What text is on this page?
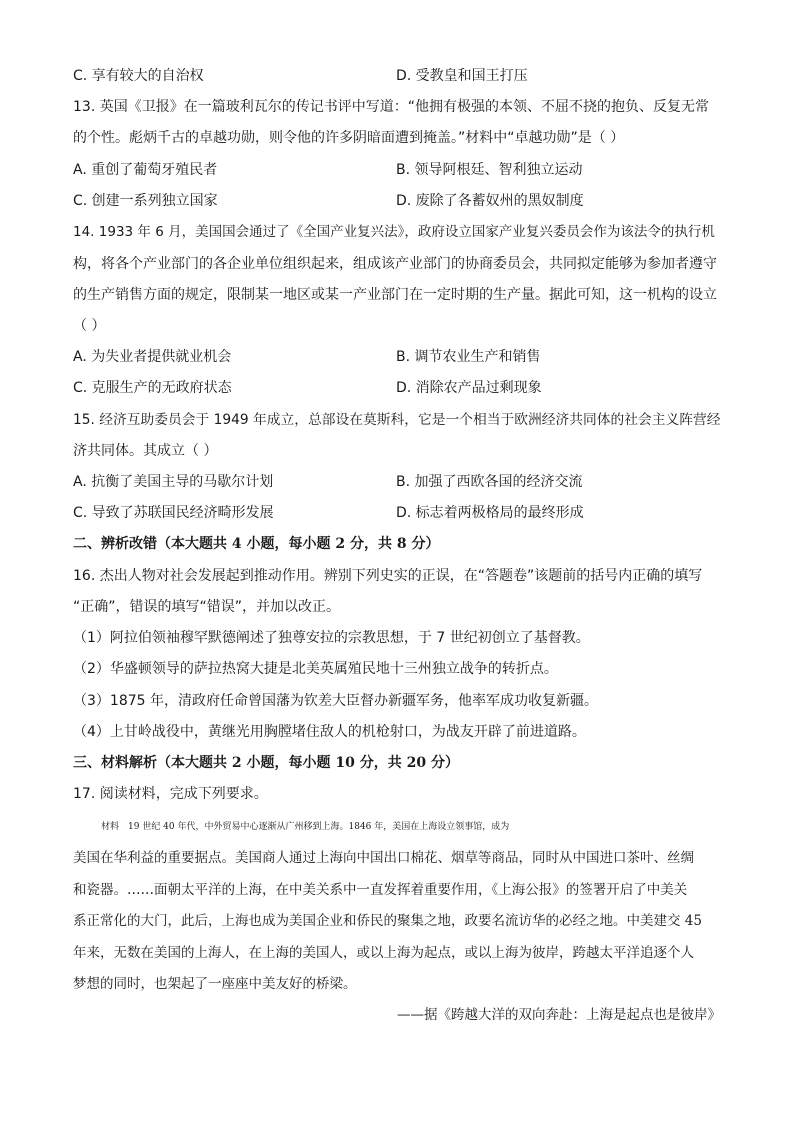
C. 享有较大的自治权	D. 受教皇和国王打压
13. 英国《卫报》在一篇玻利瓦尔的传记书评中写道：“他拥有极强的本领、不屈不挠的抱负、反复无常
的个性。彪炳千古的卓越功勋，则令他的许多阴暗面遭到掩盖。”材料中“卓越功勋”是（ ）
A. 重创了葡萄牙殖民者	B. 领导阿根廷、智利独立运动
C. 创建一系列独立国家	D. 废除了各蓄奴州的黑奴制度
14. 1933 年 6 月，美国国会通过了《全国产业复兴法》，政府设立国家产业复兴委员会作为该法令的执行机
构，将各个产业部门的各企业单位组织起来，组成该产业部门的协商委员会，共同拟定能够为参加者遵守
的生产销售方面的规定，限制某一地区或某一产业部门在一定时期的生产量。据此可知，这一机构的设立
（ ）
A. 为失业者提供就业机会	B. 调节农业生产和销售
C. 克服生产的无政府状态	D. 消除农产品过剩现象
15. 经济互助委员会于 1949 年成立，总部设在莫斯科，它是一个相当于欧洲经济共同体的社会主义阵营经
济共同体。其成立（ ）
A. 抗衡了美国主导的马歇尔计划	B. 加强了西欧各国的经济交流
C. 导致了苏联国民经济畸形发展	D. 标志着两极格局的最终形成
二、辨析改错（本大题共 4 小题，每小题 2 分，共 8 分）
16. 杰出人物对社会发展起到推动作用。辨别下列史实的正误，在“答题卷”该题前的括号内正确的填写
“正确”，错误的填写“错误”，并加以改正。
（1）阿拉伯领袖穆罕默德阐述了独尊安拉的宗教思想，于 7 世纪初创立了基督教。
（2）华盛顿领导的萨拉热窝大捷是北美英属殖民地十三州独立战争的转折点。
（3）1875 年，清政府任命曾国藩为钦差大臣督办新疆军务，他率军成功收复新疆。
（4）上甘岭战役中，黄继光用胸膛堵住敌人的机枪射口，为战友开辟了前进道路。
三、材料解析（本大题共 2 小题，每小题 10 分，共 20 分）
17. 阅读材料，完成下列要求。
材料　19 世纪 40 年代，中外贸易中心逐渐从广州移到上海。1846 年，美国在上海设立领事馆，成为
美国在华利益的重要据点。美国商人通过上海向中国出口棉花、烟草等商品，同时从中国进口茶叶、丝绸
和瓷器。……面朝太平洋的上海，在中美关系中一直发挥着重要作用，《上海公报》的签署开启了中美关
系正常化的大门，此后，上海也成为美国企业和侨民的聚集之地，政要名流访华的必经之地。中美建交 45
年来，无数在美国的上海人，在上海的美国人，或以上海为起点，或以上海为彼岸，跨越太平洋追逐个人
梦想的同时，也架起了一座座中美友好的桥梁。
——据《跨越大洋的双向奔赴：上海是起点也是彼岸》
